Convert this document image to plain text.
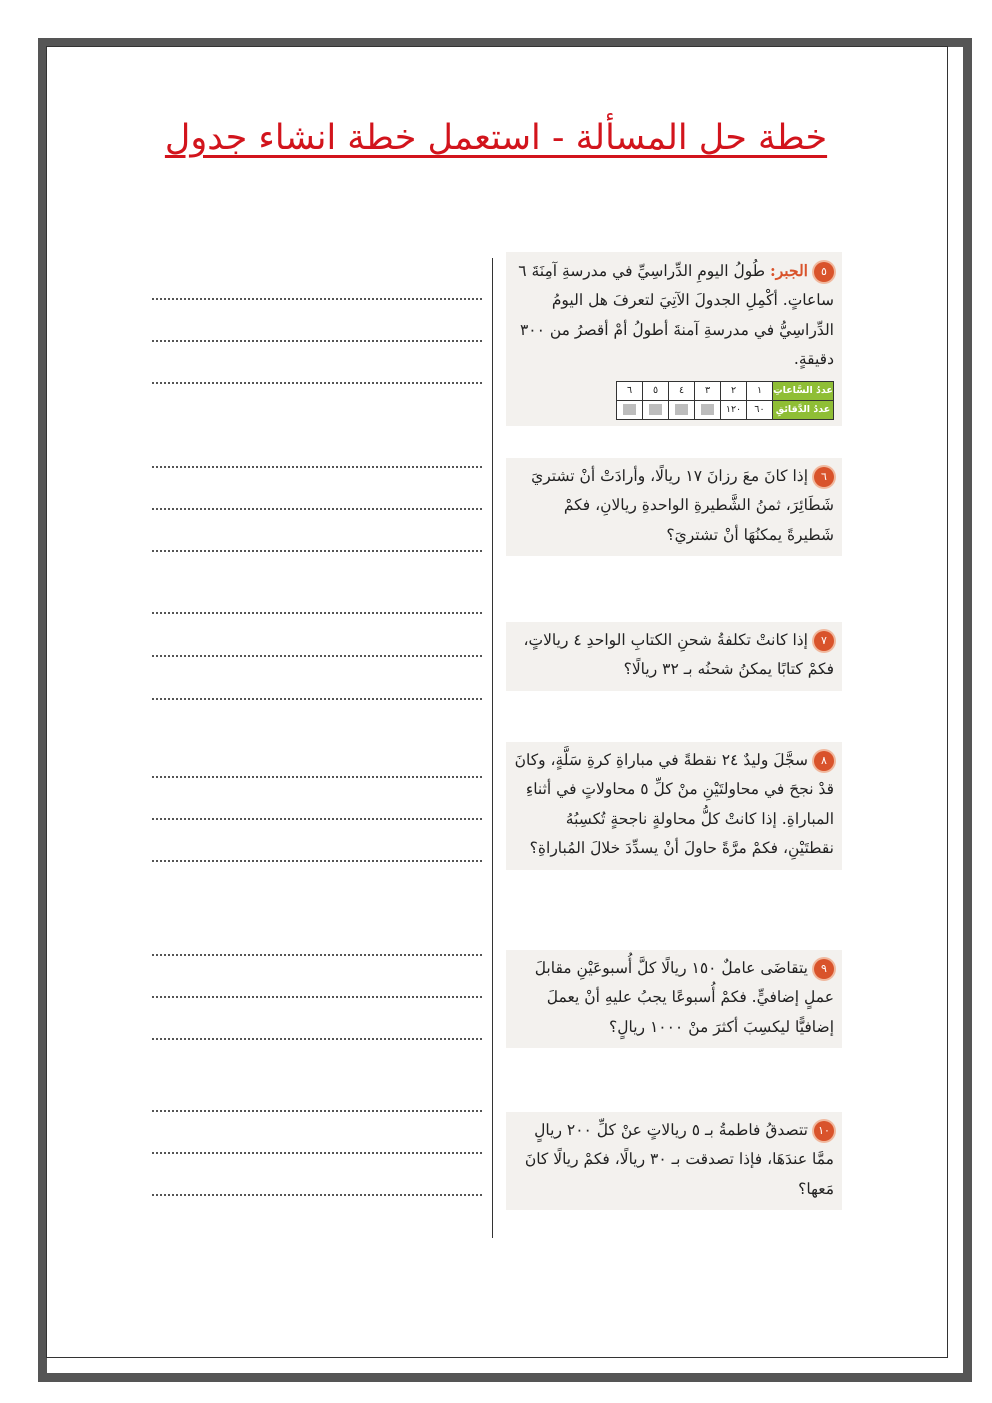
خطة حل المسألة - استعمل خطة انشاء جدول
٥الجبر: طُولُ اليومِ الدِّراسِيِّ في مدرسةِ آمِنَةَ ٦ ساعاتٍ. أكْمِلِ الجدولَ الآتِيَ لتعرفَ هل اليومُ الدِّراسِيُّ في مدرسةِ آمنةَ أطولُ أمْ أقصرُ من ٣٠٠ دقيقةٍ.
عددُ السَّاعاتِ	١	٢	٣	٤	٥	٦
عددُ الدَّقائقِ	٦٠	١٢٠				
٦إذا كانَ معَ رزانَ ١٧ ريالًا، وأرادَتْ أنْ تشتريَ شَطَائِرَ، ثمنُ الشَّطيرةِ الواحدةِ ريالانِ، فكمْ شَطيرةً يمكنُهَا أنْ تشتريَ؟
٧إذا كانتْ تكلفةُ شحنِ الكتابِ الواحدِ ٤ ريالاتٍ، فكمْ كتابًا يمكنُ شحنُه بـ ٣٢ ريالًا؟
٨سجَّلَ وليدٌ ٢٤ نقطةً في مباراةِ كرةِ سَلَّةٍ، وكانَ قدْ نجحَ في محاولتَيْنِ منْ كلِّ ٥ محاولاتٍ في أثناءِ المباراةِ. إذا كانتْ كلُّ محاولةٍ ناجحةٍ تُكسِبُهُ نقطتَيْنِ، فكمْ مرَّةً حاولَ أنْ يسدِّدَ خلالَ المُباراةِ؟
٩يتقاضَى عاملٌ ١٥٠ ريالًا كلَّ أُسبوعَيْنِ مقابلَ عملٍ إضافيٍّ. فكمْ أُسبوعًا يجبُ عليهِ أنْ يعملَ إضافيًّا ليكسِبَ أكثرَ منْ ١٠٠٠ ريالٍ؟
١٠تتصدقُ فاطمةُ بـ ٥ ريالاتٍ عنْ كلِّ ٢٠٠ ريالٍ ممَّا عندَهَا، فإذا تصدقت بـ ٣٠ ريالًا، فكمْ ريالًا كانَ مَعها؟
